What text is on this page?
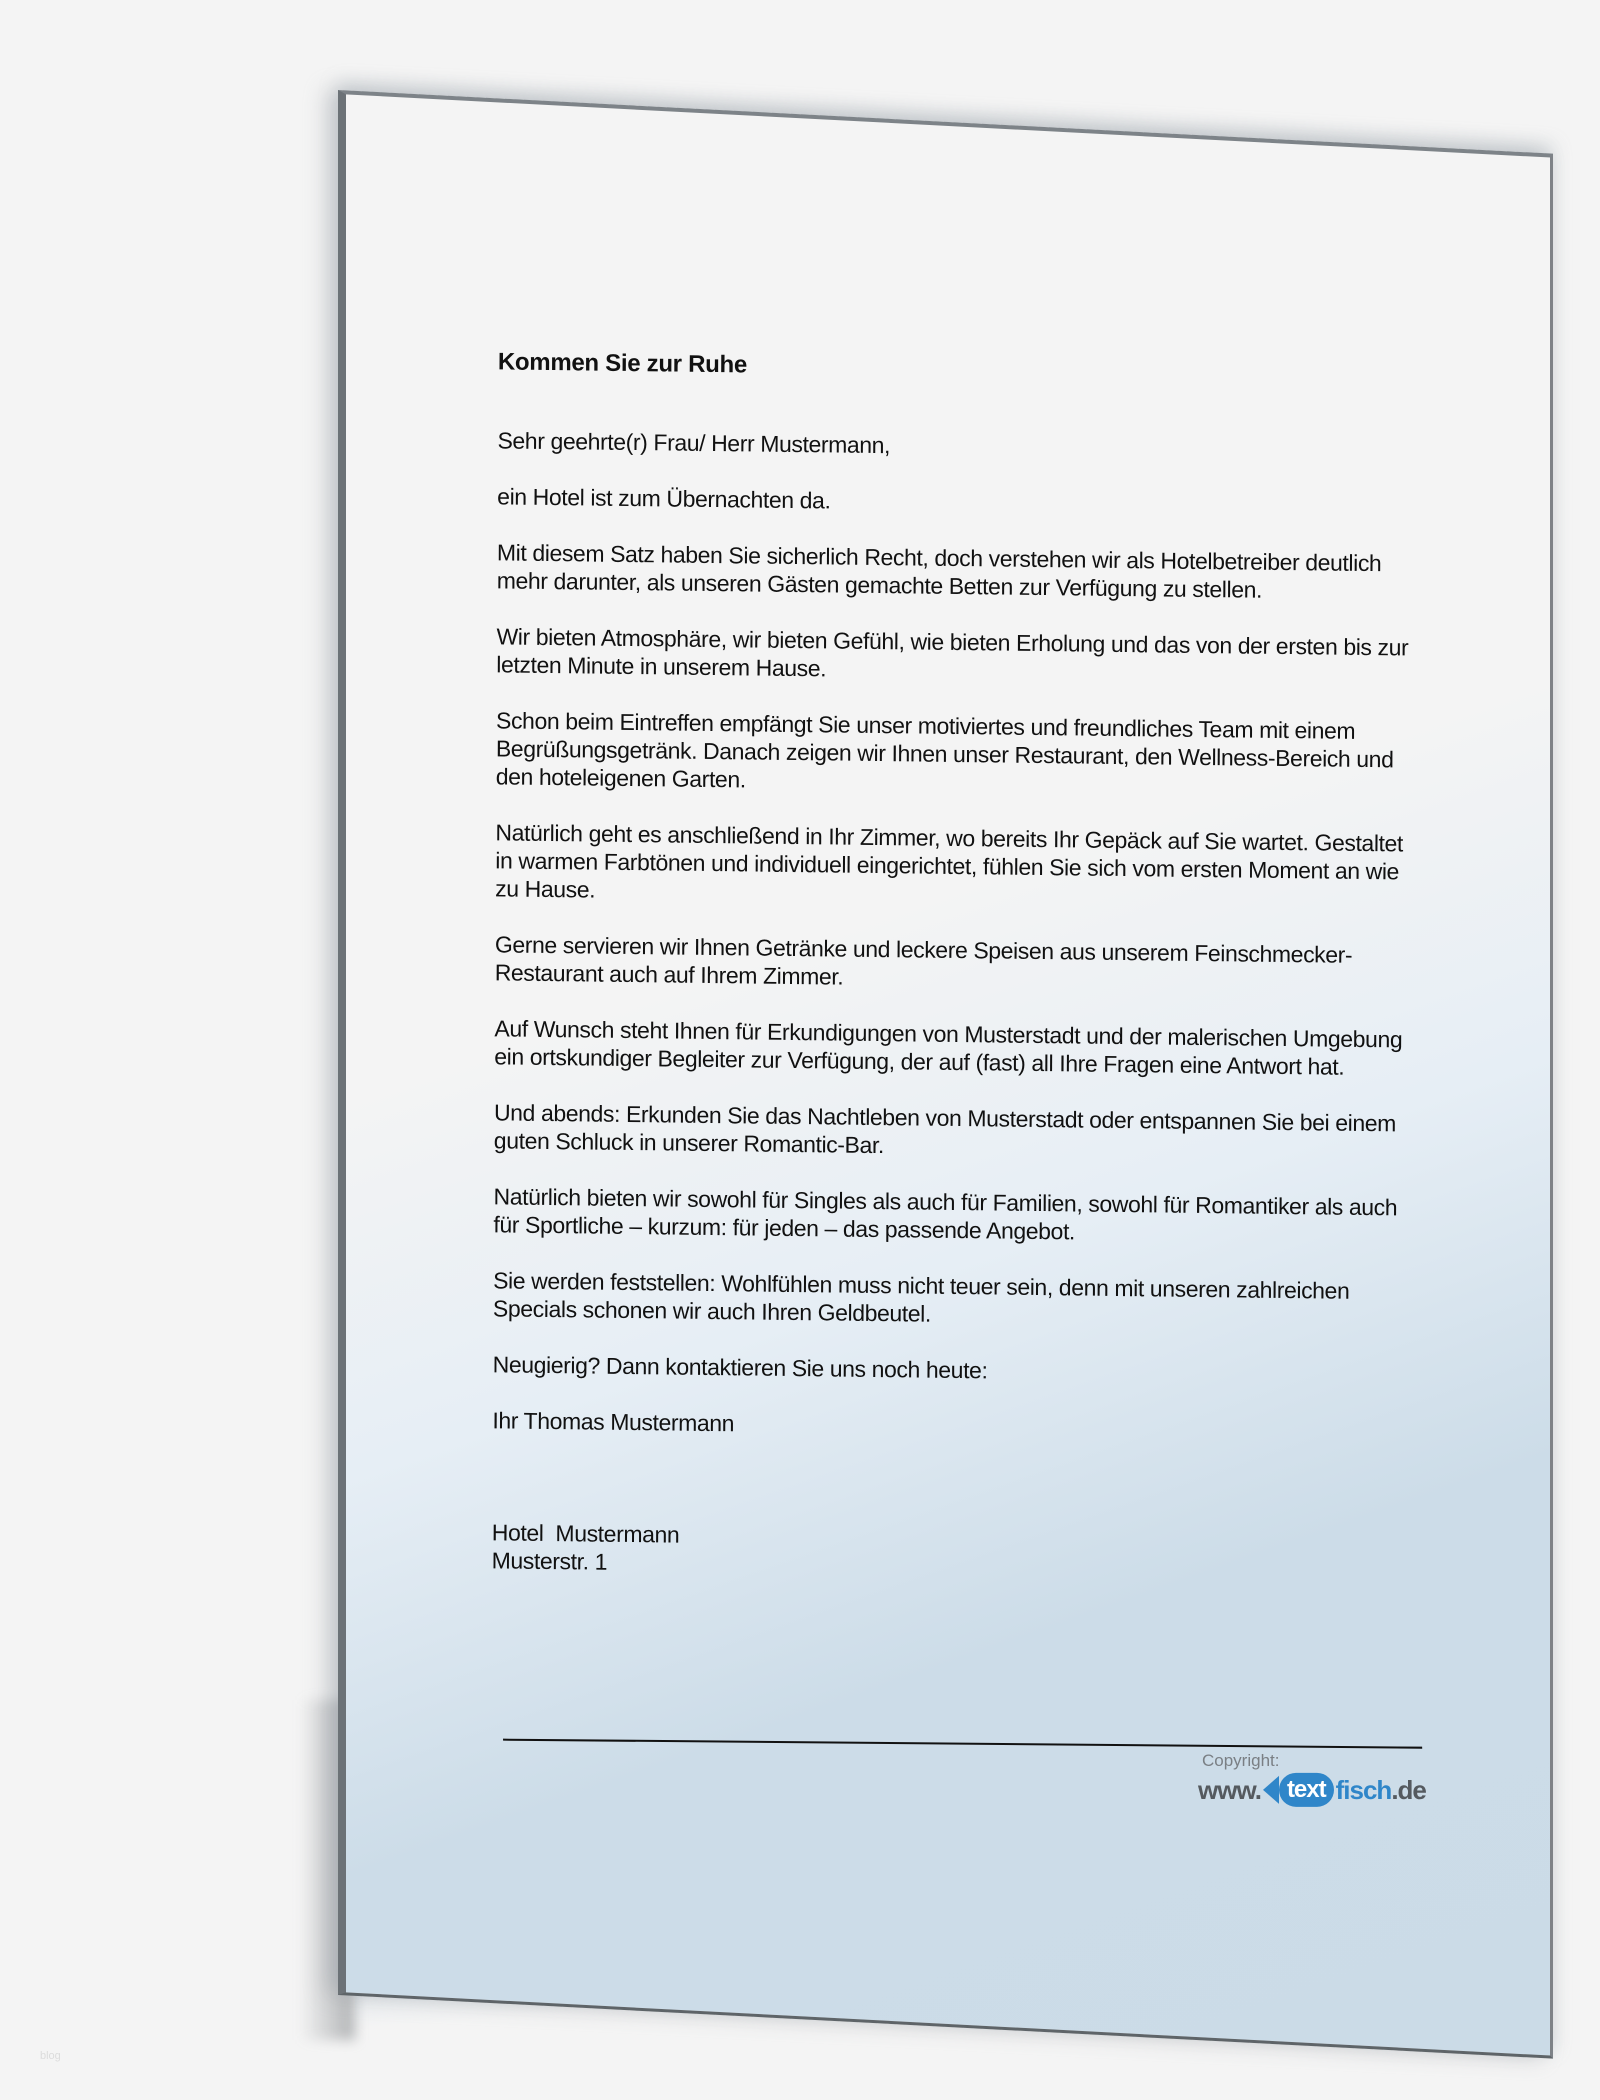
Kommen Sie zur Ruhe

Sehr geehrte(r) Frau/ Herr Mustermann,

ein Hotel ist zum Übernachten da.

Mit diesem Satz haben Sie sicherlich Recht, doch verstehen wir als Hotelbetreiber deutlich mehr darunter, als unseren Gästen gemachte Betten zur Verfügung zu stellen.

Wir bieten Atmosphäre, wir bieten Gefühl, wie bieten Erholung und das von der ersten bis zur letzten Minute in unserem Hause.

Schon beim Eintreffen empfängt Sie unser motiviertes und freundliches Team mit einem Begrüßungsgetränk. Danach zeigen wir Ihnen unser Restaurant, den Wellness-Bereich und den hoteleigenen Garten.

Natürlich geht es anschließend in Ihr Zimmer, wo bereits Ihr Gepäck auf Sie wartet. Gestaltet in warmen Farbtönen und individuell eingerichtet, fühlen Sie sich vom ersten Moment an wie zu Hause.

Gerne servieren wir Ihnen Getränke und leckere Speisen aus unserem Feinschmecker-Restaurant auch auf Ihrem Zimmer.

Auf Wunsch steht Ihnen für Erkundigungen von Musterstadt und der malerischen Umgebung ein ortskundiger Begleiter zur Verfügung, der auf (fast) all Ihre Fragen eine Antwort hat.

Und abends: Erkunden Sie das Nachtleben von Musterstadt oder entspannen Sie bei einem guten Schluck in unserer Romantic-Bar.

Natürlich bieten wir sowohl für Singles als auch für Familien, sowohl für Romantiker als auch für Sportliche – kurzum: für jeden – das passende Angebot.

Sie werden feststellen: Wohlfühlen muss nicht teuer sein, denn mit unseren zahlreichen Specials schonen wir auch Ihren Geldbeutel.

Neugierig? Dann kontaktieren Sie uns noch heute:

Ihr Thomas Mustermann

Hotel  Mustermann
Musterstr. 1
Copyright:
www.	text fisch .de
blog
